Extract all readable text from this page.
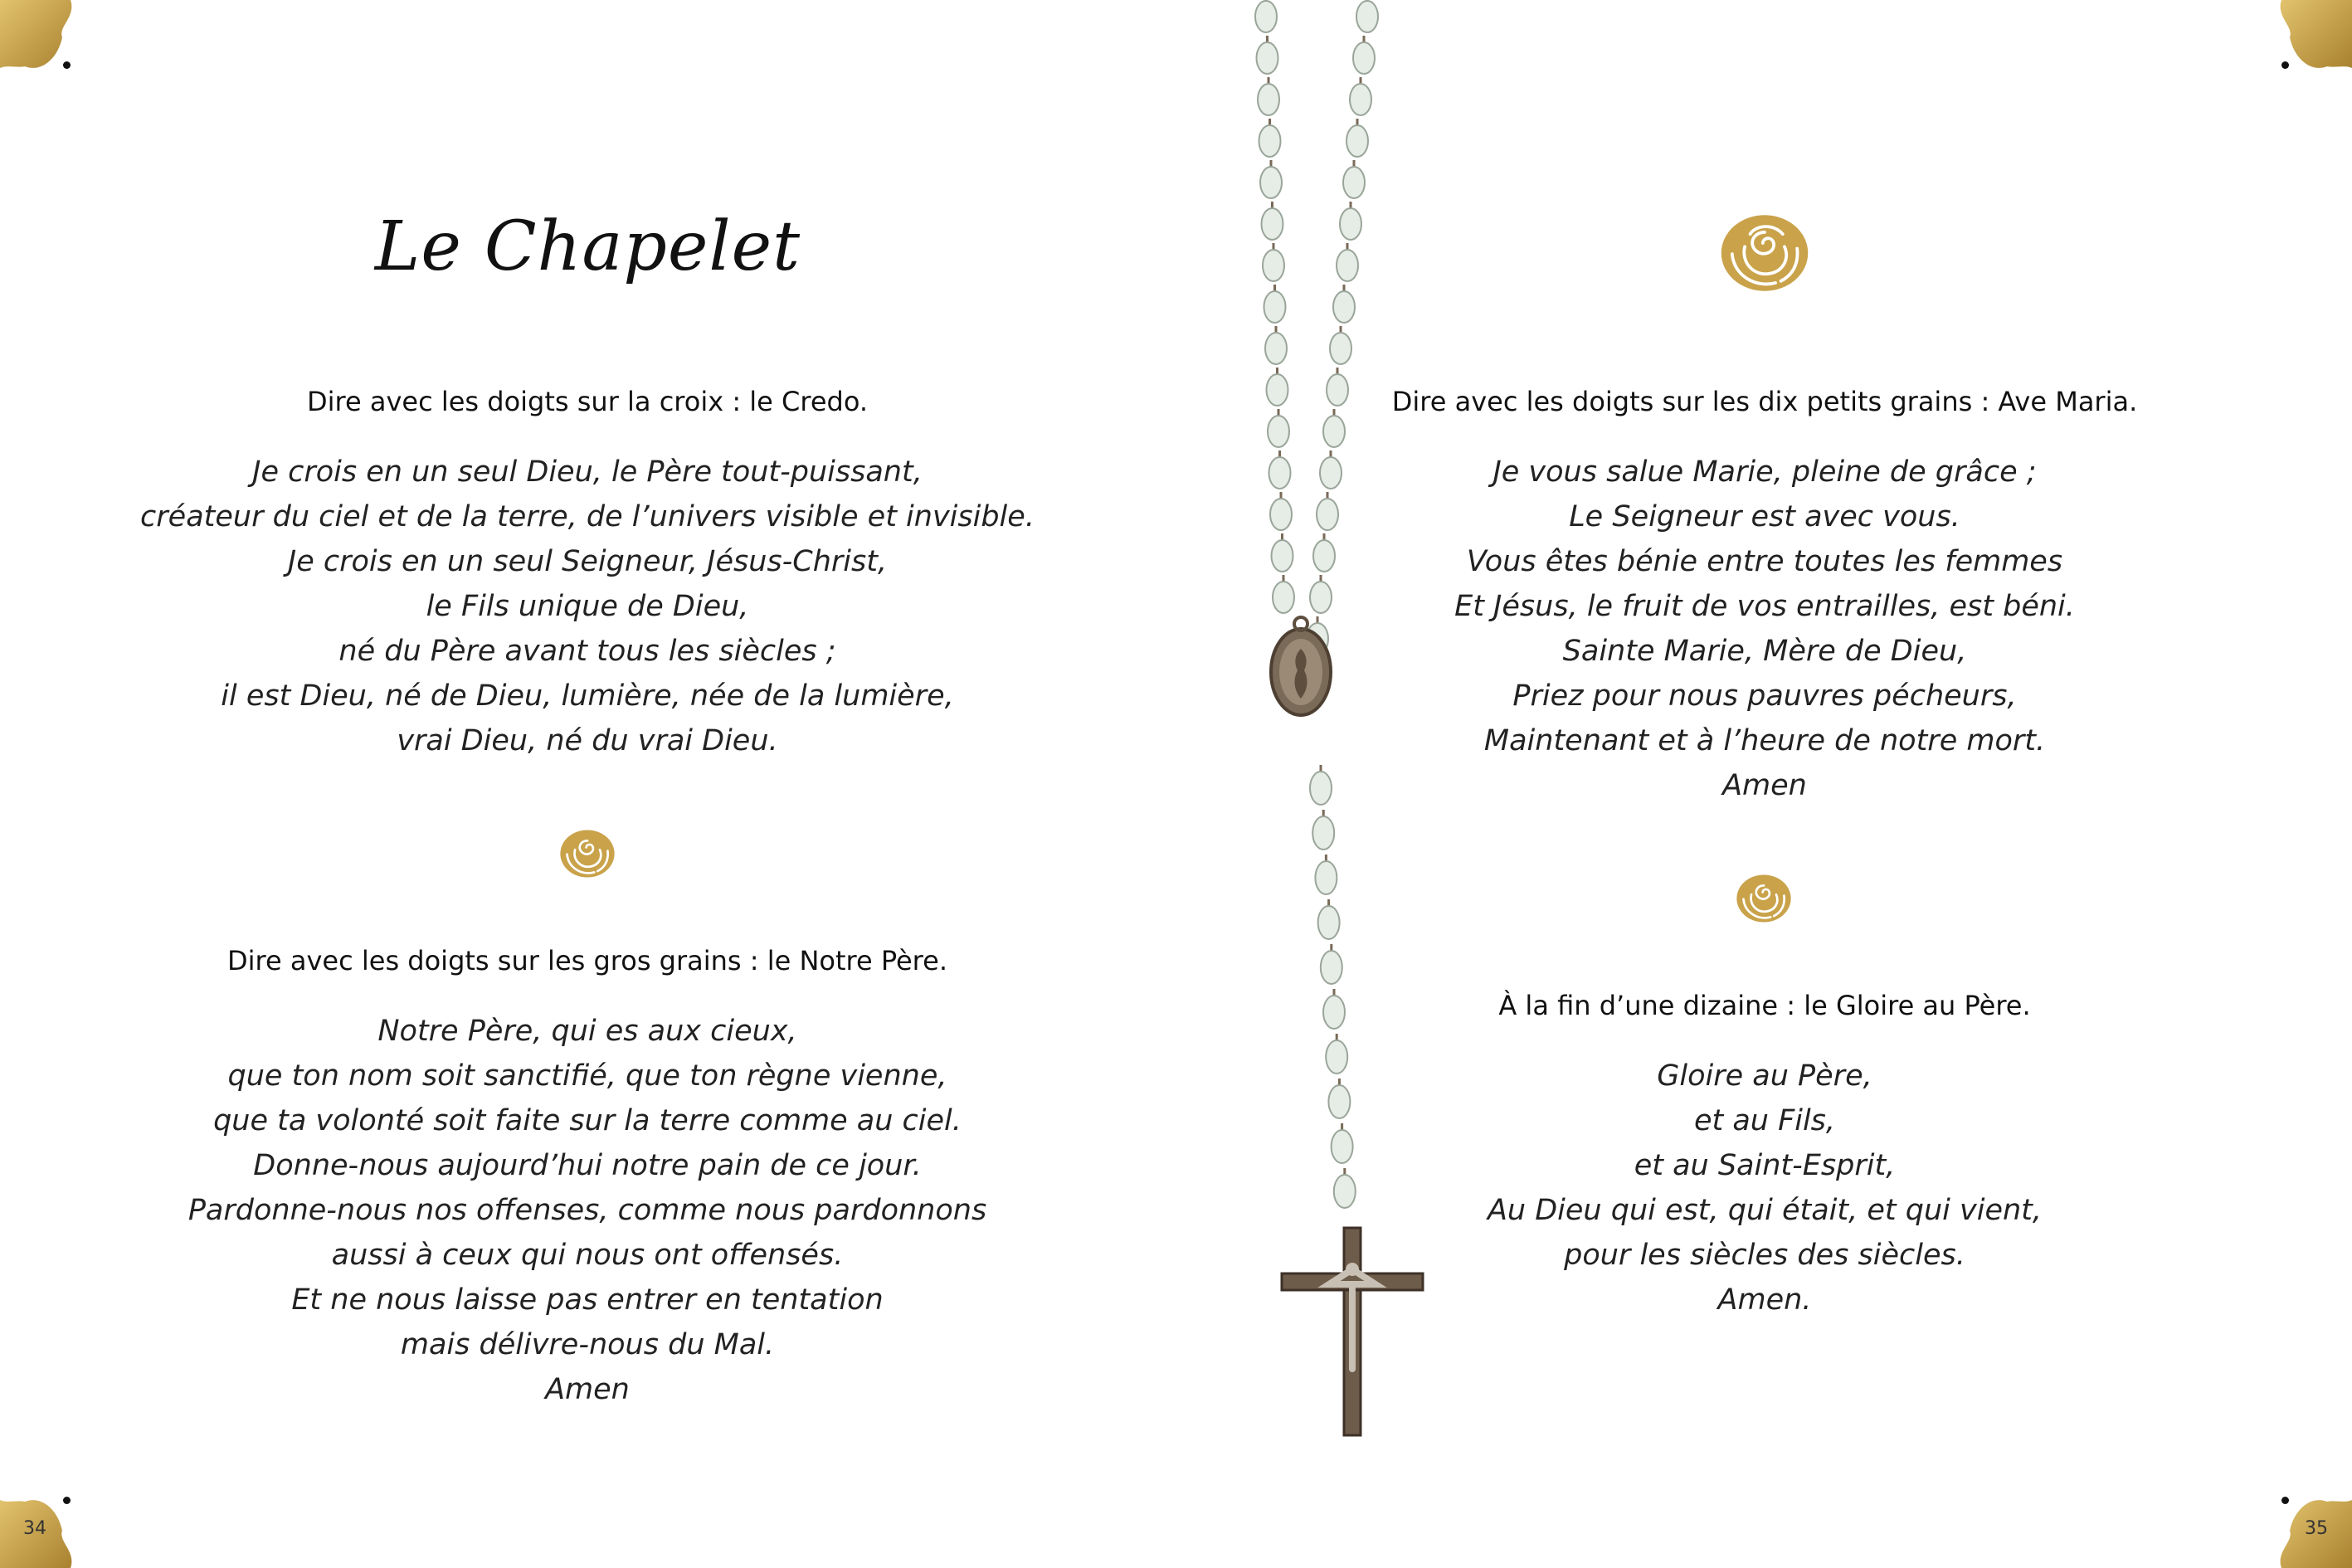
34	35
Le Chapelet
Dire avec les doigts sur la croix : le Credo.
Je crois en un seul Dieu, le Père tout-puissant,
créateur du ciel et de la terre, de l’univers visible et invisible.
Je crois en un seul Seigneur, Jésus-Christ,
le Fils unique de Dieu,
né du Père avant tous les siècles ;
il est Dieu, né de Dieu, lumière, née de la lumière,
vrai Dieu, né du vrai Dieu.
Dire avec les doigts sur les gros grains : le Notre Père.
Notre Père, qui es aux cieux,
que ton nom soit sanctifié, que ton règne vienne,
que ta volonté soit faite sur la terre comme au ciel.
Donne-nous aujourd’hui notre pain de ce jour.
Pardonne-nous nos offenses, comme nous pardonnons
aussi à ceux qui nous ont offensés.
Et ne nous laisse pas entrer en tentation
mais délivre-nous du Mal.
Amen
Dire avec les doigts sur les dix petits grains : Ave Maria.
Je vous salue Marie, pleine de grâce ;
Le Seigneur est avec vous.
Vous êtes bénie entre toutes les femmes
Et Jésus, le fruit de vos entrailles, est béni.
Sainte Marie, Mère de Dieu,
Priez pour nous pauvres pécheurs,
Maintenant et à l’heure de notre mort.
Amen
À la fin d’une dizaine : le Gloire au Père.
Gloire au Père,
et au Fils,
et au Saint-Esprit,
Au Dieu qui est, qui était, et qui vient,
pour les siècles des siècles.
Amen.
